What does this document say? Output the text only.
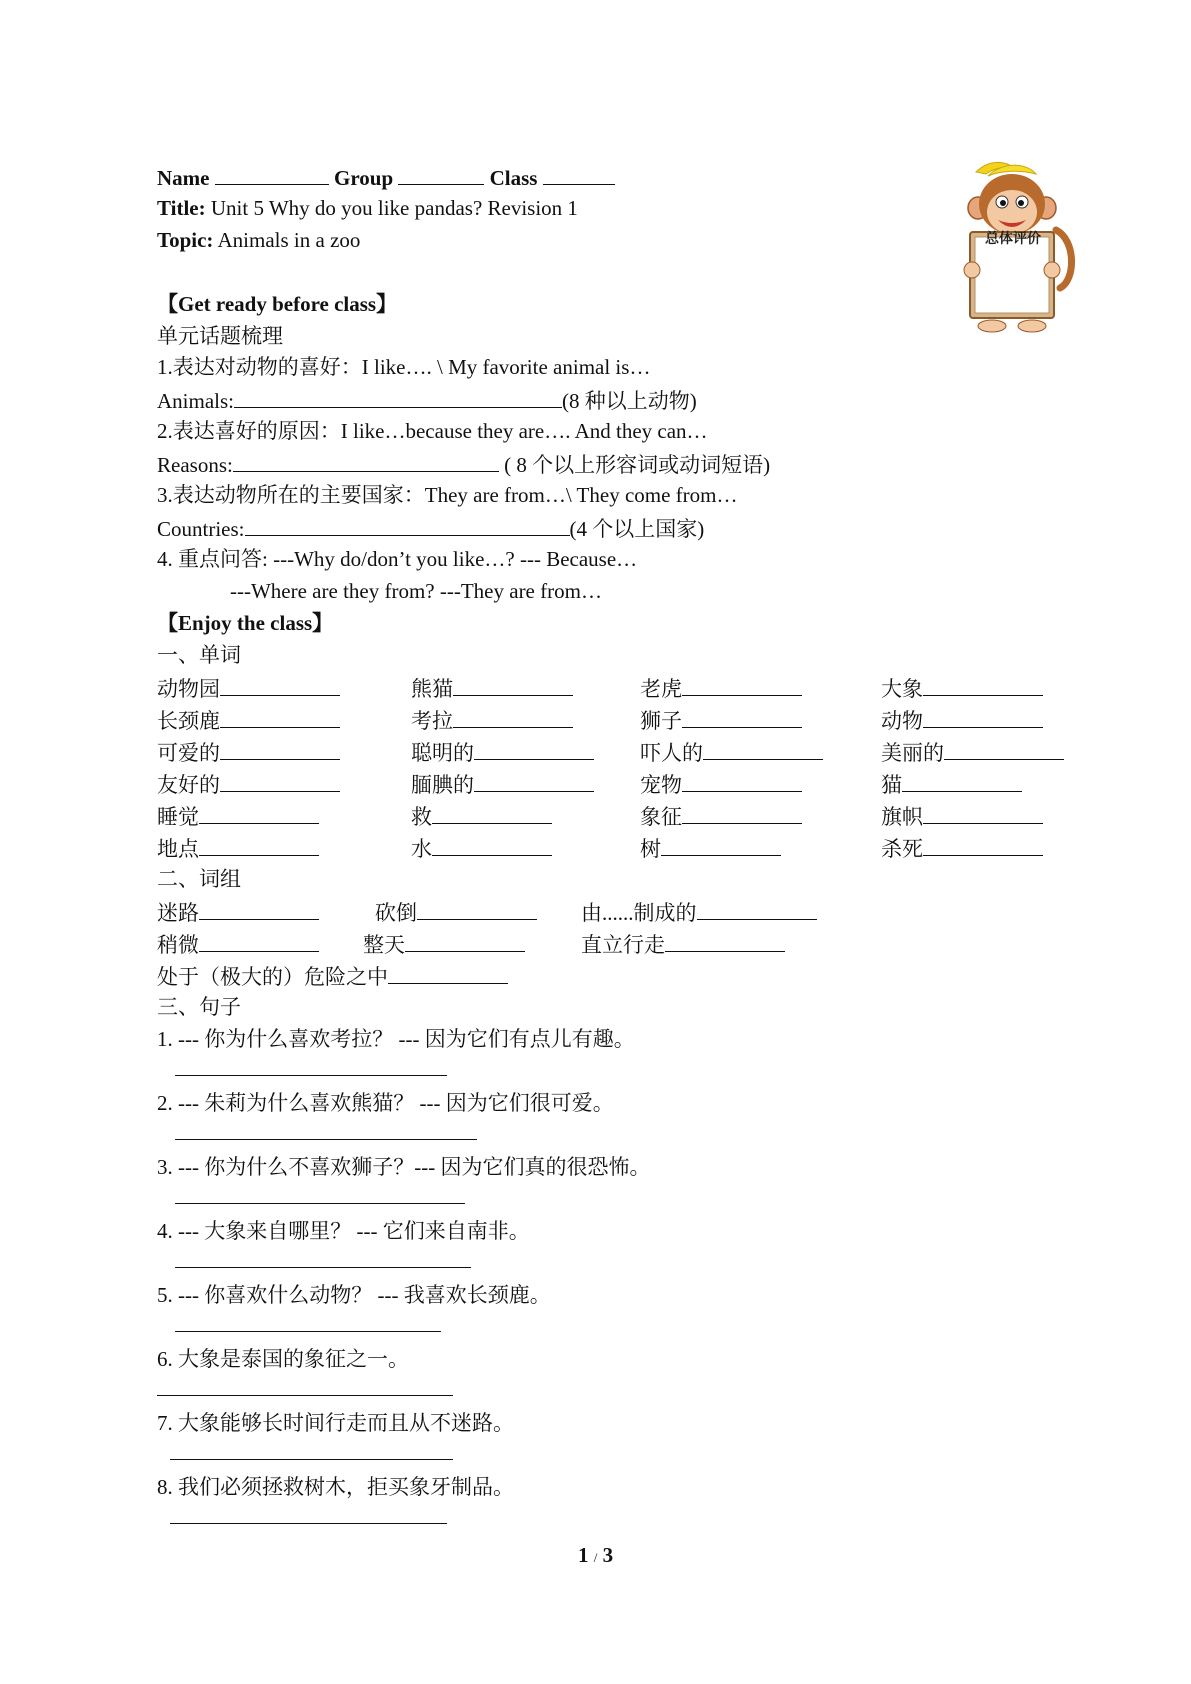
Name	Group	Class
Title: Unit 5 Why do you like pandas? Revision 1
Topic: Animals in a zoo	总体评价
【Get ready before class】
单元话题梳理
1.表达对动物的喜好：I like…. \ My favorite animal is…
Animals:	(8 种以上动物)
2.表达喜好的原因：I like…because they are…. And they can…
Reasons:	( 8 个以上形容词或动词短语)
3.表达动物所在的主要国家：They are from…\ They come from…
Countries:	(4 个以上国家)
4. 重点问答: ---Why do/don’t you like…? --- Because…
---Where are they from? ---They are from…
【Enjoy the class】
一、单词
动物园	熊猫	老虎	大象
长颈鹿	考拉	狮子	动物
可爱的	聪明的	吓人的	美丽的
友好的	腼腆的	宠物	猫
睡觉	救	象征	旗帜
地点	水	树	杀死
二、词组
迷路	砍倒	由......制成的
稍微	整天	直立行走
处于（极大的）危险之中
三、句子
1. --- 你为什么喜欢考拉？ --- 因为它们有点儿有趣。
2. --- 朱莉为什么喜欢熊猫？ --- 因为它们很可爱。
3. --- 你为什么不喜欢狮子？--- 因为它们真的很恐怖。
4. --- 大象来自哪里？ --- 它们来自南非。
5. --- 你喜欢什么动物？ --- 我喜欢长颈鹿。
6. 大象是泰国的象征之一。
7. 大象能够长时间行走而且从不迷路。
8. 我们必须拯救树木，拒买象牙制品。
1 / 3
